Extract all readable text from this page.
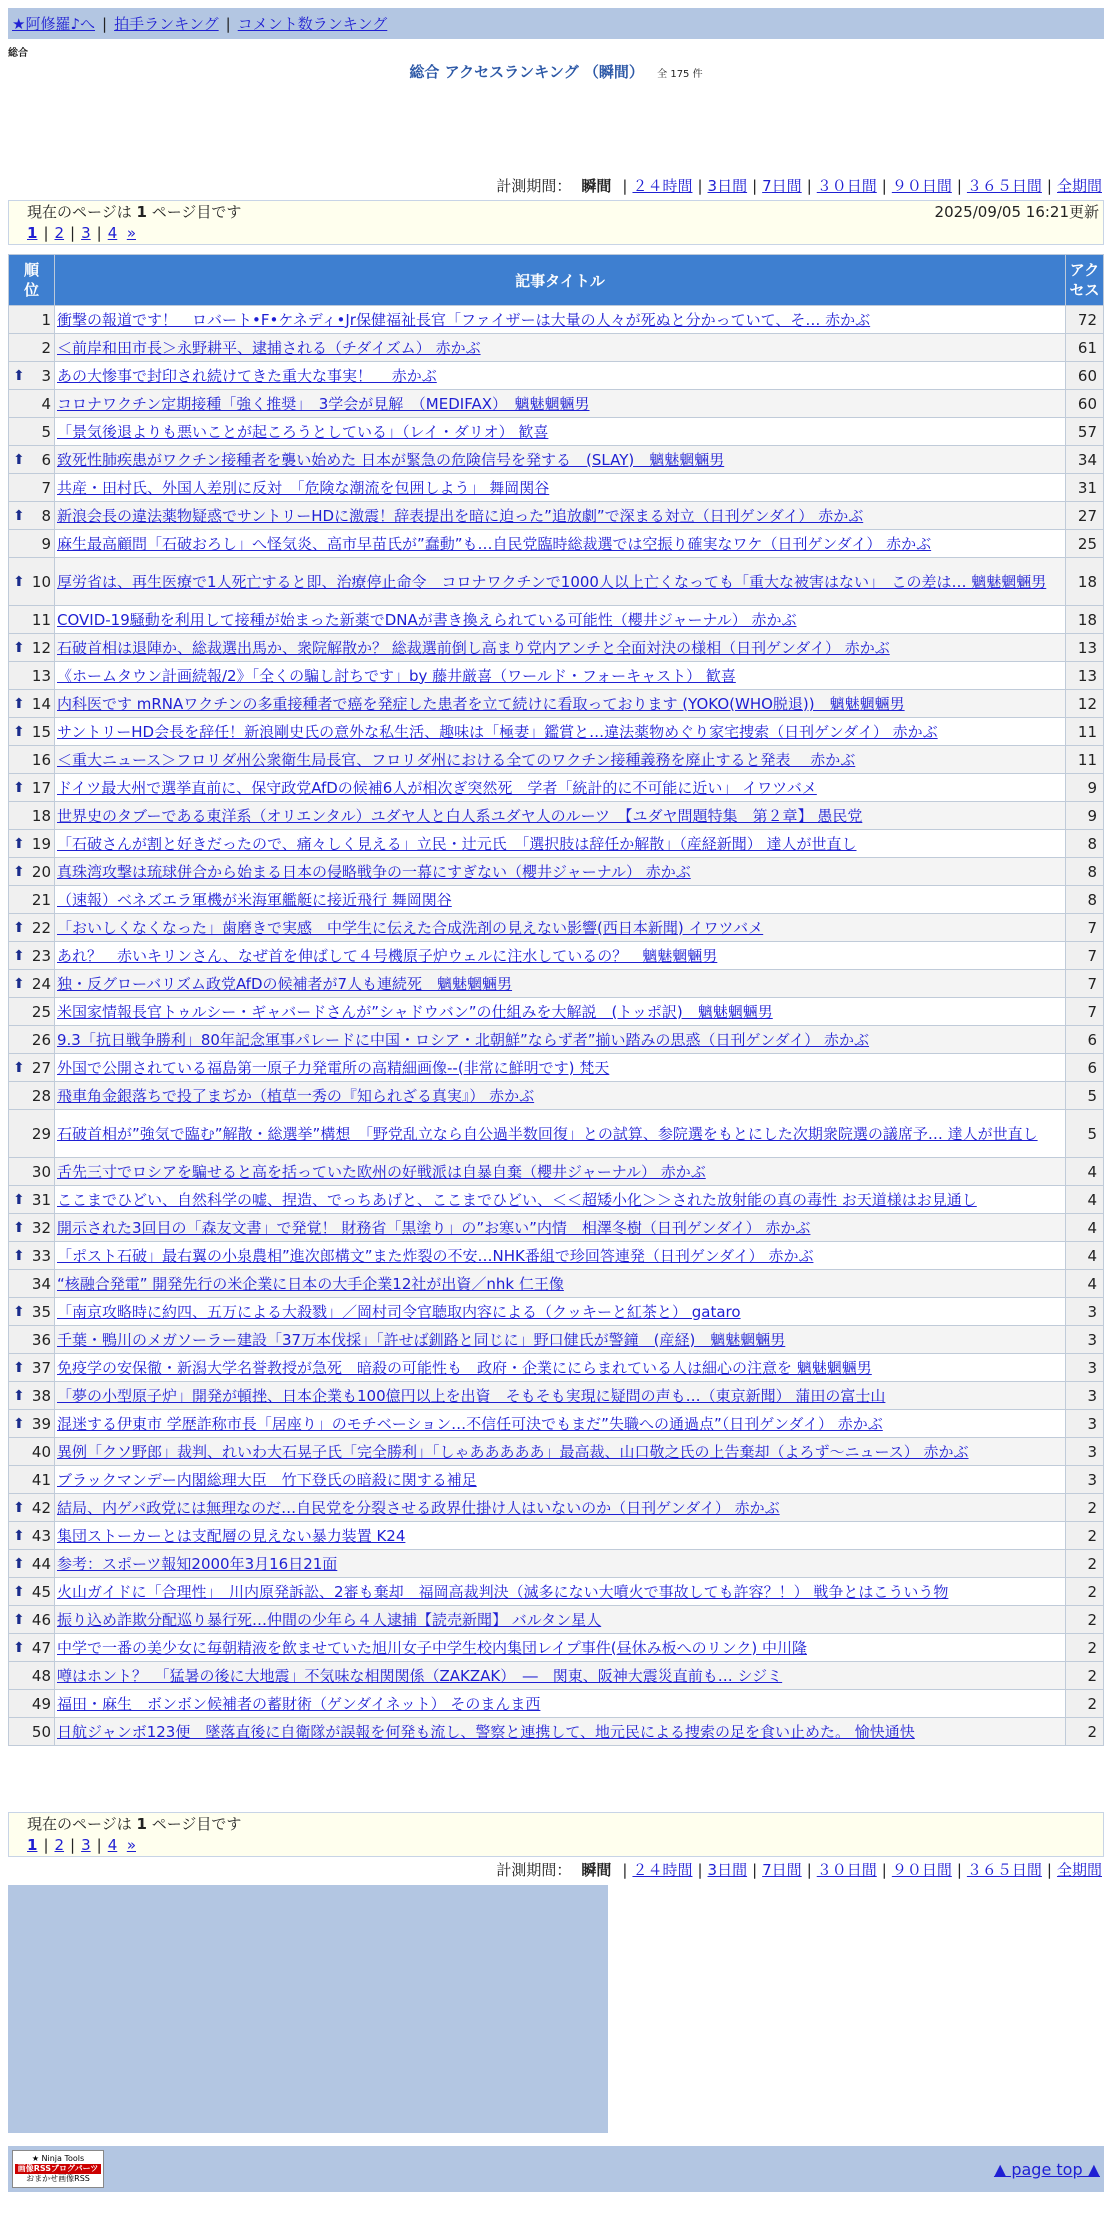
★阿修羅♪へ | 拍手ランキング | コメント数ランキング
総合
総合 アクセスランキング （瞬間） 全 175 件
計測期間： 瞬間 | ２４時間 | 3日間 | 7日間 | ３０日間 | ９０日間 | ３６５日間 | 全期間
現在のページは 1 ページ目です	2025/09/05 16:21更新
1 | 2 | 3 | 4 »
順位	記事タイトル	アクセス
1	衝撃の報道です！　ロバート•F•ケネディ•Jr保健福祉長官「ファイザーは大量の人々が死ぬと分かっていて、そ… 赤かぶ	72
2	＜前岸和田市長＞永野耕平、逮捕される（チダイズム） 赤かぶ	61

⬆ 3	あの大惨事で封印され続けてきた重大な事実！　 赤かぶ	60
4	コロナワクチン定期接種「強く推奨」　3学会が見解　（MEDIFAX）　魑魅魍魎男	60
5	「景気後退よりも悪いことが起ころうとしている」（レイ・ダリオ） 歓喜	57

⬆ 6	致死性肺疾患がワクチン接種者を襲い始めた 日本が緊急の危険信号を発する　(SLAY)　魑魅魍魎男	34
7	共産・田村氏、外国人差別に反対　「危険な潮流を包囲しよう」 舞岡関谷	31

⬆ 8	新浪会長の違法薬物疑惑でサントリーHDに激震！辞表提出を暗に迫った”追放劇”で深まる対立（日刊ゲンダイ） 赤かぶ	27
9	麻生最高顧問「石破おろし」へ怪気炎、高市早苗氏が”蠢動”も…自民党臨時総裁選では空振り確実なワケ（日刊ゲンダイ） 赤かぶ	25

⬆ 10	厚労省は、再生医療で1人死亡すると即、治療停止命令　コロナワクチンで1000人以上亡くなっても「重大な被害はない」　この差は… 魑魅魍魎男	18
11	COVID-19騒動を利用して接種が始まった新薬でDNAが書き換えられている可能性（櫻井ジャーナル） 赤かぶ	18

⬆ 12	石破首相は退陣か、総裁選出馬か、衆院解散か？ 総裁選前倒し高まり党内アンチと全面対決の様相（日刊ゲンダイ） 赤かぶ	13
13	《ホームタウン計画続報/2》「全くの騙し討ちです」by 藤井厳喜（ワールド・フォーキャスト） 歓喜	13

⬆ 14	内科医です mRNAワクチンの多重接種者で癌を発症した患者を立て続けに看取っております (YOKO(WHO脱退))　魑魅魍魎男	12

⬆ 15	サントリーHD会長を辞任！新浪剛史氏の意外な私生活、趣味は「極妻」鑑賞と…違法薬物めぐり家宅捜索（日刊ゲンダイ） 赤かぶ	11
16	＜重大ニュース＞フロリダ州公衆衛生局長官、フロリダ州における全てのワクチン接種義務を廃止すると発表　 赤かぶ	11

⬆ 17	ドイツ最大州で選挙直前に、保守政党AfDの候補6人が相次ぎ突然死　学者「統計的に不可能に近い」 イワツバメ	9
18	世界史のタブーである東洋系（オリエンタル）ユダヤ人と白人系ユダヤ人のルーツ　【ユダヤ問題特集　第２章】 愚民党	9

⬆ 19	「石破さんが割と好きだったので、痛々しく見える」立民・辻元氏　「選択肢は辞任か解散」（産経新聞） 達人が世直し	8

⬆ 20	真珠湾攻撃は琉球併合から始まる日本の侵略戦争の一幕にすぎない（櫻井ジャーナル） 赤かぶ	8
21	（速報）ベネズエラ軍機が米海軍艦艇に接近飛行 舞岡関谷	8

⬆ 22	「おいしくなくなった」歯磨きで実感　中学生に伝えた合成洗剤の見えない影響(西日本新聞) イワツバメ	7

⬆ 23	あれ？　赤いキリンさん、なぜ首を伸ばして４号機原子炉ウェルに注水しているの？　魑魅魍魎男	7

⬆ 24	独・反グローバリズム政党AfDの候補者が7人も連続死　魑魅魍魎男	7
25	米国家情報長官トゥルシー・ギャバードさんが”シャドウバン”の仕組みを大解説　(トッポ訳)　魑魅魍魎男	7
26	9.3「抗日戦争勝利」80年記念軍事パレードに中国・ロシア・北朝鮮”ならず者”揃い踏みの思惑（日刊ゲンダイ） 赤かぶ	6

⬆ 27	外国で公開されている福島第一原子力発電所の高精細画像--(非常に鮮明です) 梵天	6
28	飛車角金銀落ちで投了まぢか（植草一秀の『知られざる真実』） 赤かぶ	5
29	石破首相が”強気で臨む”解散・総選挙”構想　「野党乱立なら自公過半数回復」との試算、参院選をもとにした次期衆院選の議席予… 達人が世直し	5
30	舌先三寸でロシアを騙せると高を括っていた欧州の好戦派は自暴自棄（櫻井ジャーナル） 赤かぶ	4

⬆ 31	ここまでひどい、自然科学の嘘、捏造、でっちあげと、ここまでひどい、＜＜超矮小化＞＞された放射能の真の毒性 お天道様はお見通し	4

⬆ 32	開示された3回目の「森友文書」で発覚！ 財務省「黒塗り」の”お寒い”内情　相澤冬樹（日刊ゲンダイ） 赤かぶ	4

⬆ 33	「ポスト石破」最右翼の小泉農相”進次郎構文”また炸裂の不安…NHK番組で珍回答連発（日刊ゲンダイ） 赤かぶ	4
34	“核融合発電” 開発先行の米企業に日本の大手企業12社が出資／nhk 仁王像	4

⬆ 35	「南京攻略時に約四、五万による大殺戮」／岡村司令官聴取内容による（クッキーと紅茶と） gataro	3
36	千葉・鴨川のメガソーラー建設「37万本伐採」「許せば釧路と同じに」野口健氏が警鐘　(産経)　魑魅魍魎男	3

⬆ 37	免疫学の安保徹・新潟大学名誉教授が急死　暗殺の可能性も　政府・企業ににらまれている人は細心の注意を 魑魅魍魎男	3

⬆ 38	「夢の小型原子炉」開発が頓挫、日本企業も100億円以上を出資　そもそも実現に疑問の声も…（東京新聞） 蒲田の富士山	3

⬆ 39	混迷する伊東市 学歴詐称市長「居座り」のモチベーション…不信任可決でもまだ”失職への通過点”（日刊ゲンダイ） 赤かぶ	3
40	異例「クソ野郎」裁判、れいわ大石晃子氏「完全勝利」「しゃあああああ」最高裁、山口敬之氏の上告棄却（よろず～ニュース） 赤かぶ	3
41	ブラックマンデー内閣総理大臣　竹下登氏の暗殺に関する補足	3

⬆ 42	結局、内ゲバ政党には無理なのだ…自民党を分裂させる政界仕掛け人はいないのか（日刊ゲンダイ） 赤かぶ	2

⬆ 43	集団ストーカーとは支配層の見えない暴力装置 K24	2

⬆ 44	参考：スポーツ報知2000年3月16日21面	2

⬆ 45	火山ガイドに「合理性」　川内原発訴訟、2審も棄却　福岡高裁判決（滅多にない大噴火で事故しても許容？！） 戦争とはこういう物	2

⬆ 46	振り込め詐欺分配巡り暴行死…仲間の少年ら４人逮捕【読売新聞】 バルタン星人	2

⬆ 47	中学で一番の美少女に毎朝精液を飲ませていた旭川女子中学生校内集団レイプ事件(昼休み板へのリンク) 中川隆	2
48	噂はホント？　「猛暑の後に大地震」不気味な相関関係（ZAKZAK）　―　関東、阪神大震災直前も… シジミ	2
49	福田・麻生　ボンボン候補者の蓄財術（ゲンダイネット） そのまんま西	2
50	日航ジャンボ123便　墜落直後に自衛隊が誤報を何発も流し、警察と連携して、地元民による捜索の足を食い止めた。 愉快通快	2
現在のページは 1 ページ目です
1 | 2 | 3 | 4 »
計測期間： 瞬間 | ２４時間 | 3日間 | 7日間 | ３０日間 | ９０日間 | ３６５日間 | 全期間
★ Ninja Tools
画像RSSブログパーツ
おまかせ画像RSS	▲ page top ▲
